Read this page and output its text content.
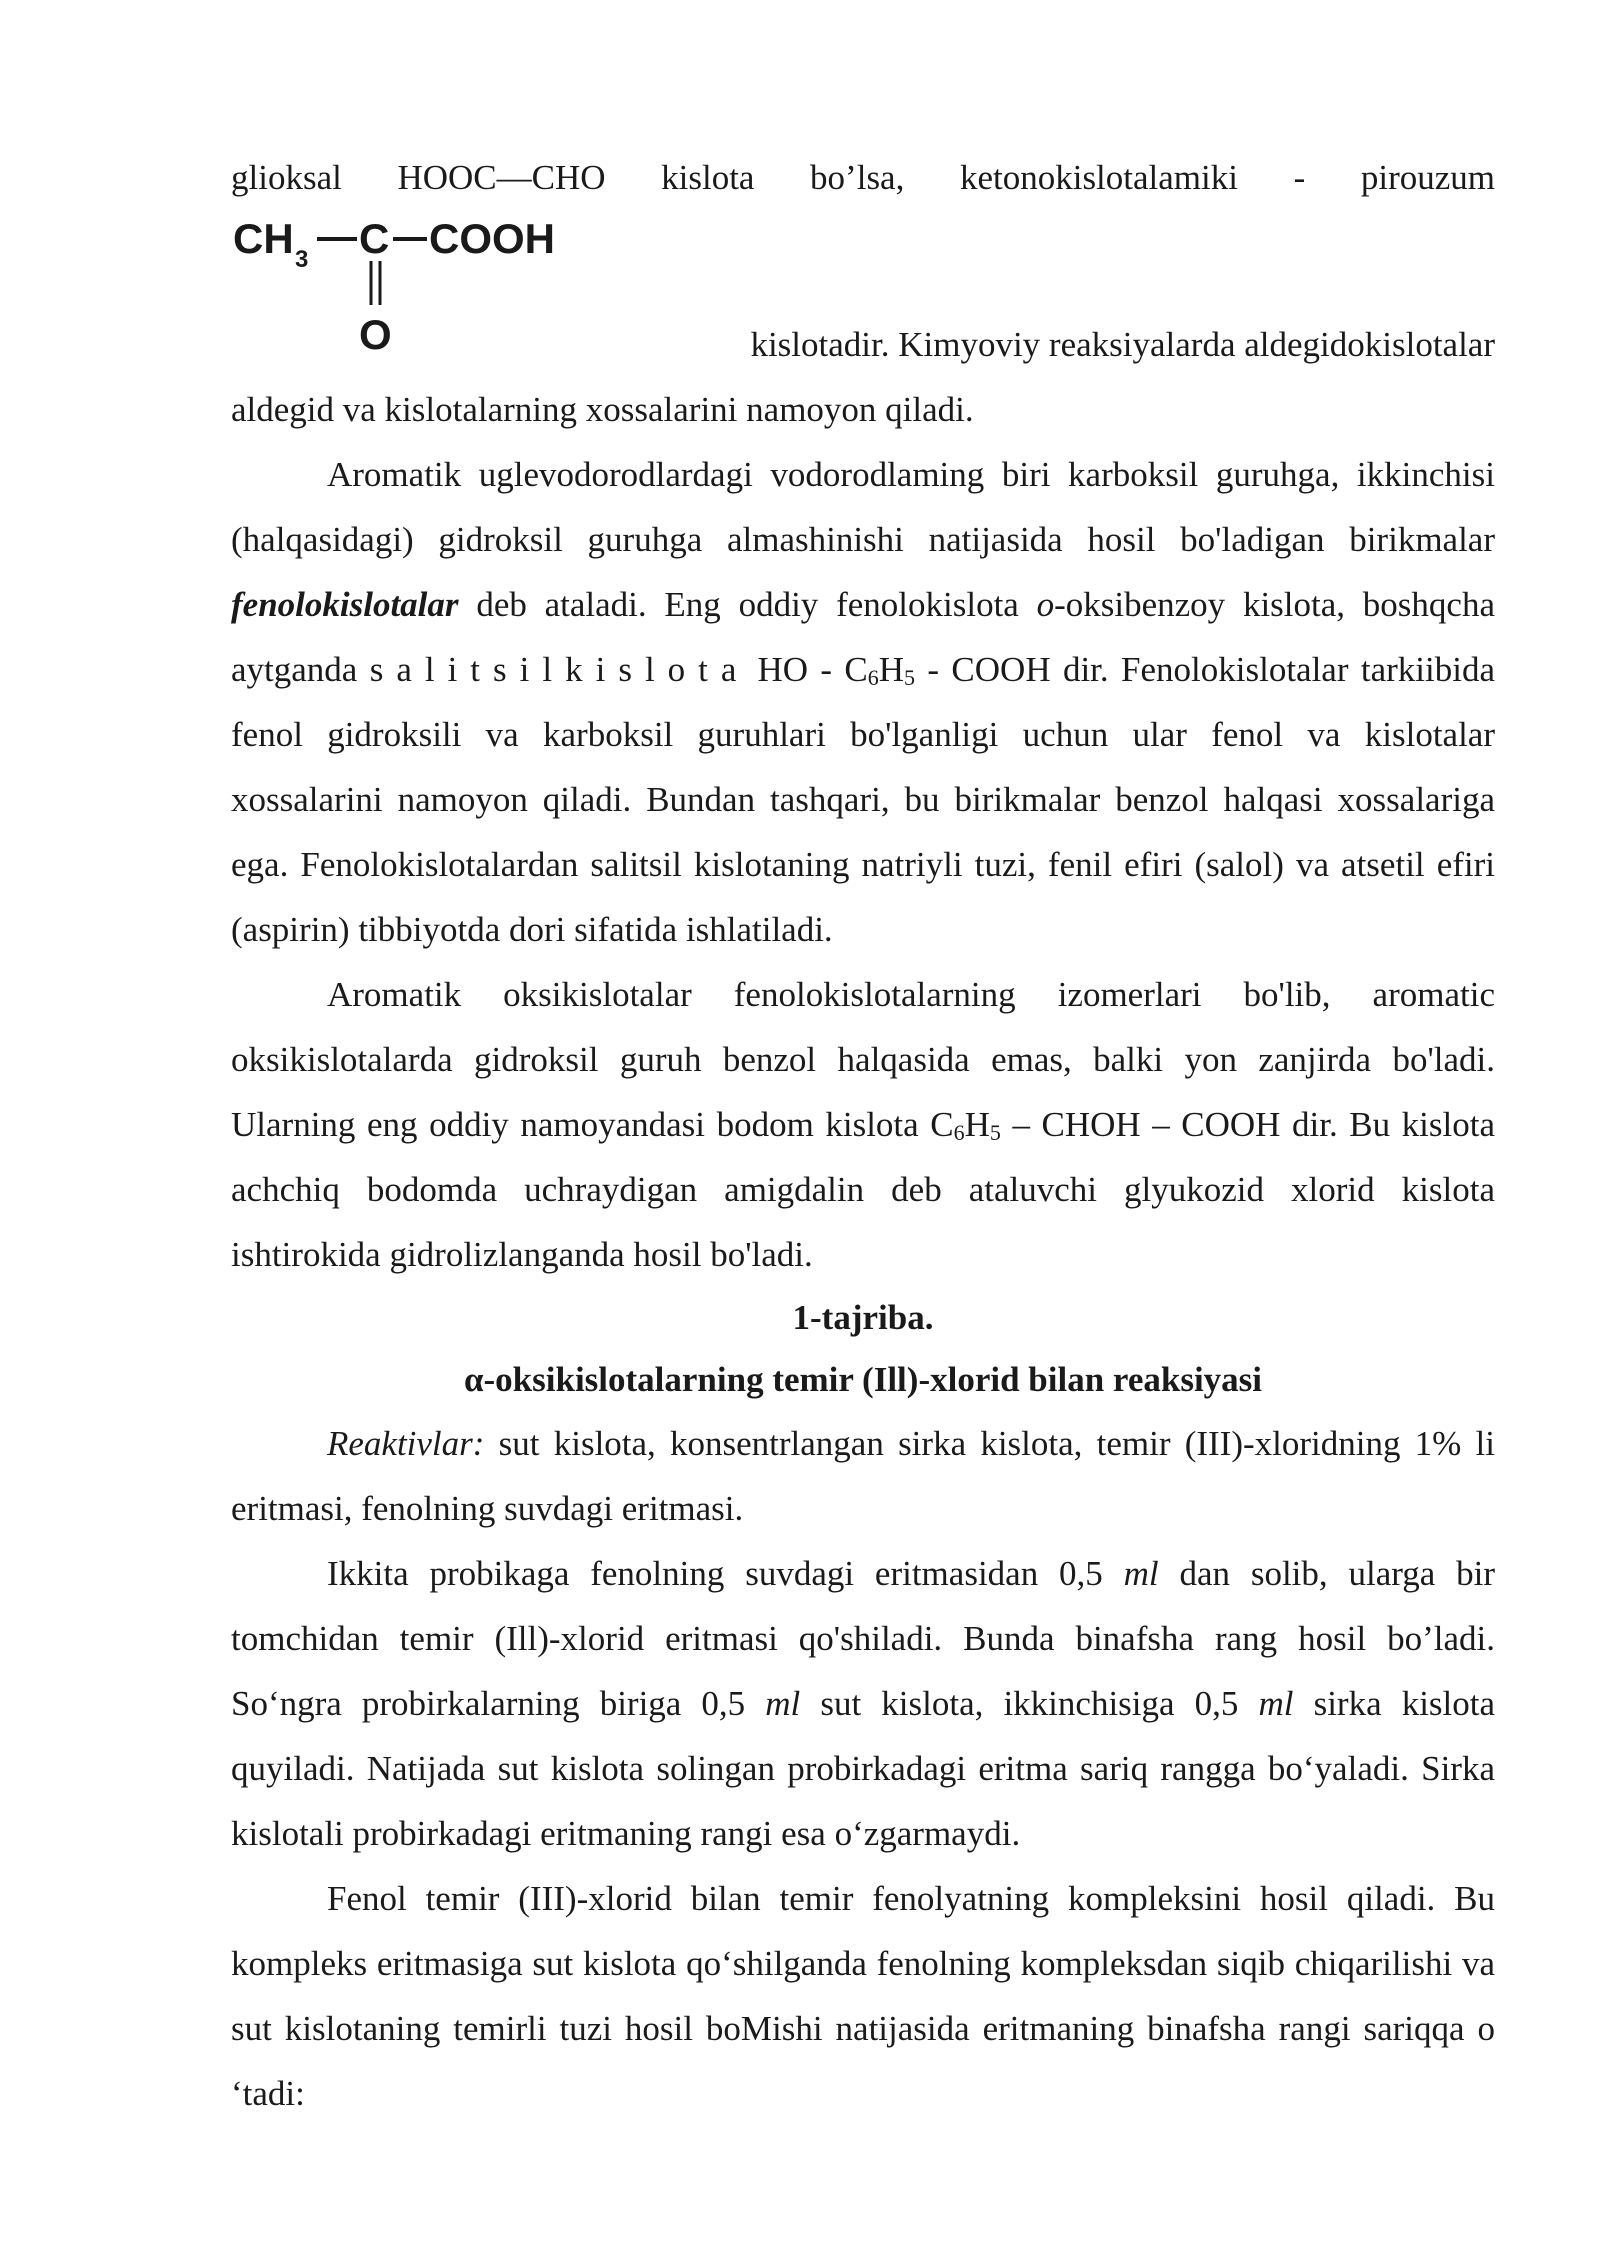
glioksal HOOC—CHO kislota bo’lsa, ketonokislotalamiki - pirouzum

CH 3 C COOH
O	kislotadir. Kimyoviy reaksiyalarda aldegidokislotalar

aldegid va kislotalarning xossalarini namoyon qiladi.

Aromatik uglevodorodlardagi vodorodlaming biri karboksil guruhga, ikkinchisi (halqasidagi) gidroksil guruhga almashinishi natijasida hosil bo'ladigan birikmalar fenolokislotalar deb ataladi. Eng oddiy fenolokislota o-oksibenzoy kislota, boshqcha aytganda salitsilkislota HO - $C_6H_5$ - COOH dir. Fenolokislotalar tarkiibida fenol gidroksili va karboksil guruhlari bo'lganligi uchun ular fenol va kislotalar xossalarini namoyon qiladi. Bundan tashqari, bu birikmalar benzol halqasi xossalariga ega. Fenolokislotalardan salitsil kislotaning natriyli tuzi, fenil efiri (salol) va atsetil efiri (aspirin) tibbiyotda dori sifatida ishlatiladi.

Aromatik oksikislotalar fenolokislotalarning izomerlari bo'lib, aromatic oksikislotalarda gidroksil guruh benzol halqasida emas, balki yon zanjirda bo'ladi. Ularning eng oddiy namoyandasi bodom kislota $C_6H_5$ – CHOH – COOH dir. Bu kislota achchiq bodomda uchraydigan amigdalin deb ataluvchi glyukozid xlorid kislota ishtirokida gidrolizlanganda hosil bo'ladi.

1-tajriba.

α-oksikislotalarning temir (Ill)-xlorid bilan reaksiyasi

Reaktivlar: sut kislota, konsentrlangan sirka kislota, temir (III)-xloridning 1% li eritmasi, fenolning suvdagi eritmasi.

Ikkita probikaga fenolning suvdagi eritmasidan 0,5 ml dan solib, ularga bir tomchidan temir (Ill)-xlorid eritmasi qo'shiladi. Bunda binafsha rang hosil bo’ladi. So‘ngra probirkalarning biriga 0,5 ml sut kislota, ikkinchisiga 0,5 ml sirka kislota quyiladi. Natijada sut kislota solingan probirkadagi eritma sariq rangga bo‘yaladi. Sirka kislotali probirkadagi eritmaning rangi esa o‘zgarmaydi.

Fenol temir (III)-xlorid bilan temir fenolyatning kompleksini hosil qiladi. Bu kompleks eritmasiga sut kislota qo‘shilganda fenolning kompleksdan siqib chiqarilishi va sut kislotaning temirli tuzi hosil boMishi natijasida eritmaning binafsha rangi sariqqa o ‘tadi:
